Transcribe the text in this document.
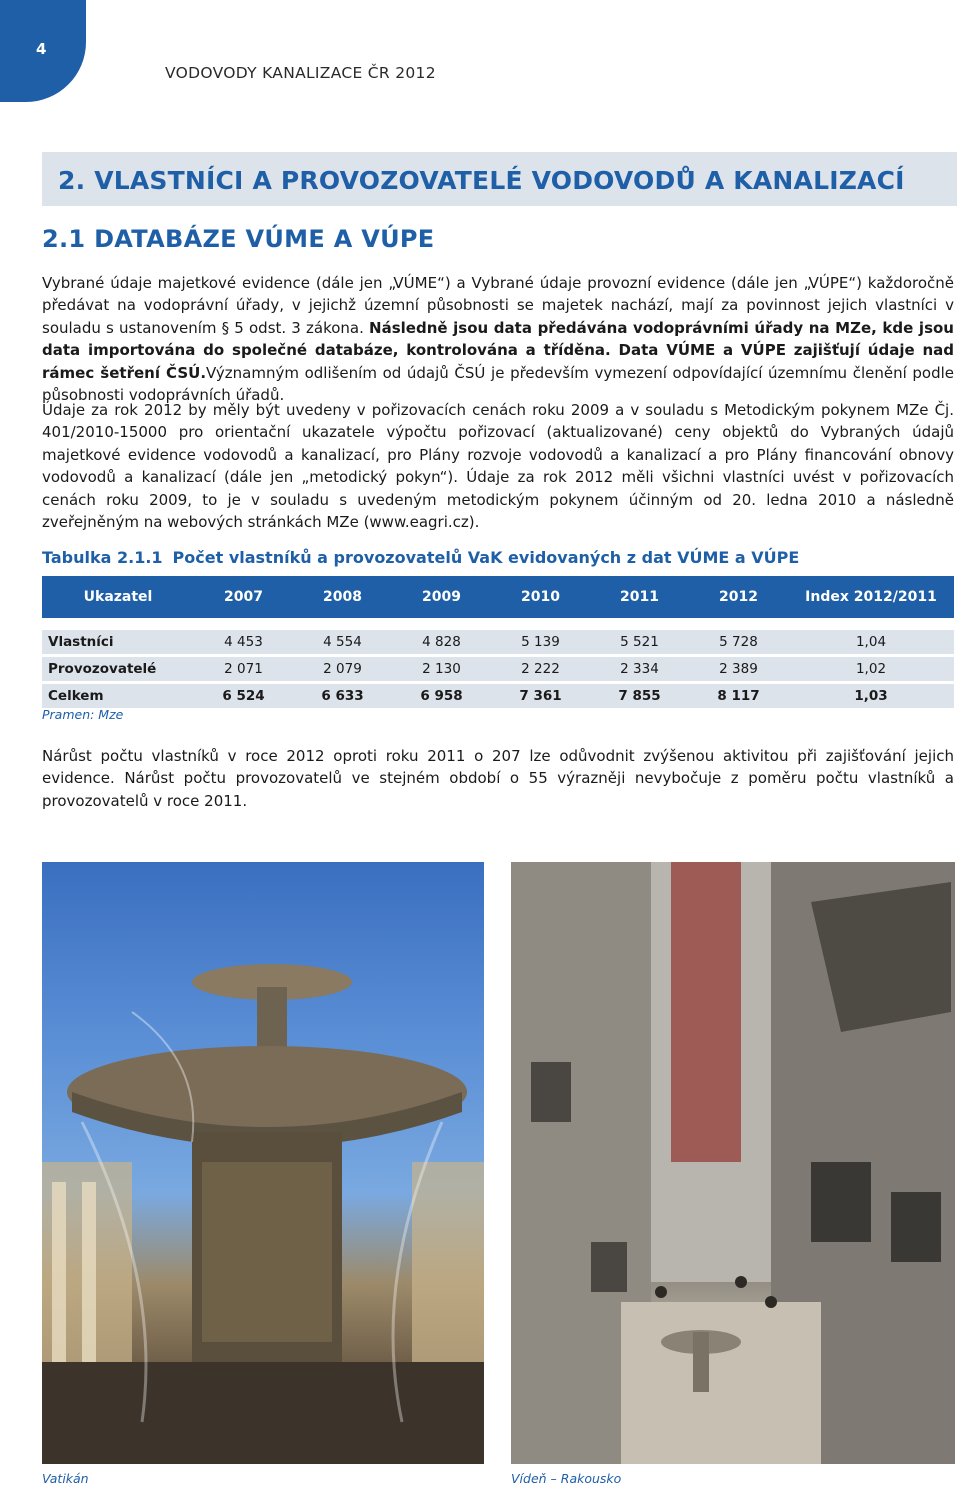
4
VODOVODY KANALIZACE ČR 2012
2. VLASTNÍCI A PROVOZOVATELÉ VODOVODŮ A KANALIZACÍ
2.1 DATABÁZE VÚME A VÚPE

Vybrané údaje majetkové evidence (dále jen „VÚME“) a Vybrané údaje provozní evidence (dále jen „VÚPE“) každoročně předávat na vodoprávní úřady, v jejichž územní působnosti se majetek nachází, mají za povinnost jejich vlastníci v souladu s ustanovením § 5 odst. 3 zákona. Následně jsou data předávána vodoprávními úřady na MZe, kde jsou data importována do společné databáze, kontrolována a tříděna. Data VÚME a VÚPE zajišťují údaje nad rámec šetření ČSÚ.Významným odlišením od údajů ČSÚ je především vymezení odpovídající územnímu členění podle působnosti vodoprávních úřadů.

Údaje za rok 2012 by měly být uvedeny v pořizovacích cenách roku 2009 a v souladu s Metodickým pokynem MZe Čj. 401/2010-15000 pro orientační ukazatele výpočtu pořizovací (aktualizované) ceny objektů do Vybraných údajů majetkové evidence vodovodů a kanalizací, pro Plány rozvoje vodovodů a kanalizací a pro Plány financování obnovy vodovodů a kanalizací (dále jen „metodický pokyn“). Údaje za rok 2012 měli všichni vlastníci uvést v pořizovacích cenách roku 2009, to je v souladu s uvedeným metodickým pokynem účinným od 20. ledna 2010 a následně zveřejněným na webových stránkách MZe (www.eagri.cz).

Tabulka 2.1.1 Počet vlastníků a provozovatelů VaK evidovaných z dat VÚME a VÚPE
Ukazatel	2007	2008	2009	2010	2011	2012	Index 2012/2011

Vlastníci	4 453	4 554	4 828	5 139	5 521	5 728	1,04
Provozovatelé	2 071	2 079	2 130	2 222	2 334	2 389	1,02
Celkem	6 524	6 633	6 958	7 361	7 855	8 117	1,03
Pramen: Mze

Nárůst počtu vlastníků v roce 2012 oproti roku 2011 o 207 lze odůvodnit zvýšenou aktivitou při zajišťování jejich evidence. Nárůst počtu provozovatelů ve stejném období o 55 výrazněji nevybočuje z poměru počtu vlastníků a provozovatelů v roce 2011.

Vatikán	Vídeň – Rakousko
